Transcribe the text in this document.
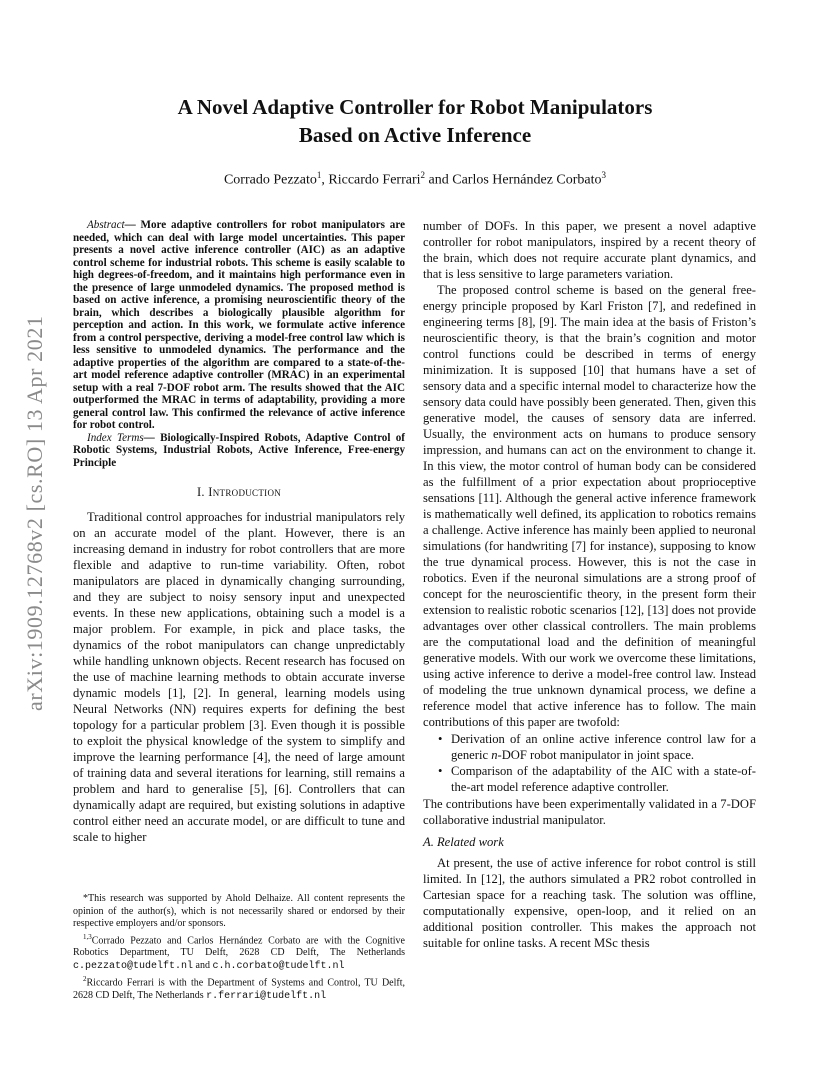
A Novel Adaptive Controller for Robot Manipulators
Based on Active Inference
Corrado Pezzato$^1$, Riccardo Ferrari$^2$ and Carlos Hernández Corbato$^3$
arXiv:1909.12768v2 [cs.RO] 13 Apr 2021

Abstract— More adaptive controllers for robot manipulators are needed, which can deal with large model uncertainties. This paper presents a novel active inference controller (AIC) as an adaptive control scheme for industrial robots. This scheme is easily scalable to high degrees-of-freedom, and it maintains high performance even in the presence of large unmodeled dynamics. The proposed method is based on active inference, a promising neuroscientific theory of the brain, which describes a biologically plausible algorithm for perception and action. In this work, we formulate active inference from a control perspective, deriving a model-free control law which is less sensitive to unmodeled dynamics. The performance and the adaptive properties of the algorithm are compared to a state-of-the-art model reference adaptive controller (MRAC) in an experimental setup with a real 7-DOF robot arm. The results showed that the AIC outperformed the MRAC in terms of adaptability, providing a more general control law. This confirmed the relevance of active inference for robot control.

Index Terms— Biologically-Inspired Robots, Adaptive Control of Robotic Systems, Industrial Robots, Active Inference, Free-energy Principle

I. Introduction

Traditional control approaches for industrial manipulators rely on an accurate model of the plant. However, there is an increasing demand in industry for robot controllers that are more flexible and adaptive to run-time variability. Often, robot manipulators are placed in dynamically changing surrounding, and they are subject to noisy sensory input and unexpected events. In these new applications, obtaining such a model is a major problem. For example, in pick and place tasks, the dynamics of the robot manipulators can change unpredictably while handling unknown objects. Recent research has focused on the use of machine learning methods to obtain accurate inverse dynamic models [1], [2]. In general, learning models using Neural Networks (NN) requires experts for defining the best topology for a particular problem [3]. Even though it is possible to exploit the physical knowledge of the system to simplify and improve the learning performance [4], the need of large amount of training data and several iterations for learning, still remains a problem and hard to generalise [5], [6]. Controllers that can dynamically adapt are required, but existing solutions in adaptive control either need an accurate model, or are difficult to tune and scale to higher

*This research was supported by Ahold Delhaize. All content represents the opinion of the author(s), which is not necessarily shared or endorsed by their respective employers and/or sponsors.

$^{1,3}$Corrado Pezzato and Carlos Hernández Corbato are with the Cognitive Robotics Department, TU Delft, 2628 CD Delft, The Netherlands c.pezzato@tudelft.nl and c.h.corbato@tudelft.nl

$^2$Riccardo Ferrari is with the Department of Systems and Control, TU Delft, 2628 CD Delft, The Netherlands r.ferrari@tudelft.nl

number of DOFs. In this paper, we present a novel adaptive controller for robot manipulators, inspired by a recent theory of the brain, which does not require accurate plant dynamics, and that is less sensitive to large parameters variation.

The proposed control scheme is based on the general free-energy principle proposed by Karl Friston [7], and redefined in engineering terms [8], [9]. The main idea at the basis of Friston’s neuroscientific theory, is that the brain’s cognition and motor control functions could be described in terms of energy minimization. It is supposed [10] that humans have a set of sensory data and a specific internal model to characterize how the sensory data could have possibly been generated. Then, given this generative model, the causes of sensory data are inferred. Usually, the environment acts on humans to produce sensory impression, and humans can act on the environment to change it. In this view, the motor control of human body can be considered as the fulfillment of a prior expectation about proprioceptive sensations [11]. Although the general active inference framework is mathematically well defined, its application to robotics remains a challenge. Active inference has mainly been applied to neuronal simulations (for handwriting [7] for instance), supposing to know the true dynamical process. However, this is not the case in robotics. Even if the neuronal simulations are a strong proof of concept for the neuroscientific theory, in the present form their extension to realistic robotic scenarios [12], [13] does not provide advantages over other classical controllers. The main problems are the computational load and the definition of meaningful generative models. With our work we overcome these limitations, using active inference to derive a model-free control law. Instead of modeling the true unknown dynamical process, we define a reference model that active inference has to follow. The main contributions of this paper are twofold:

• Derivation of an online active inference control law for a generic n-DOF robot manipulator in joint space.
• Comparison of the adaptability of the AIC with a state-of-the-art model reference adaptive controller.

The contributions have been experimentally validated in a 7-DOF collaborative industrial manipulator.

A. Related work

At present, the use of active inference for robot control is still limited. In [12], the authors simulated a PR2 robot controlled in Cartesian space for a reaching task. The solution was offline, computationally expensive, open-loop, and it relied on an additional position controller. This makes the approach not suitable for online tasks. A recent MSc thesis
